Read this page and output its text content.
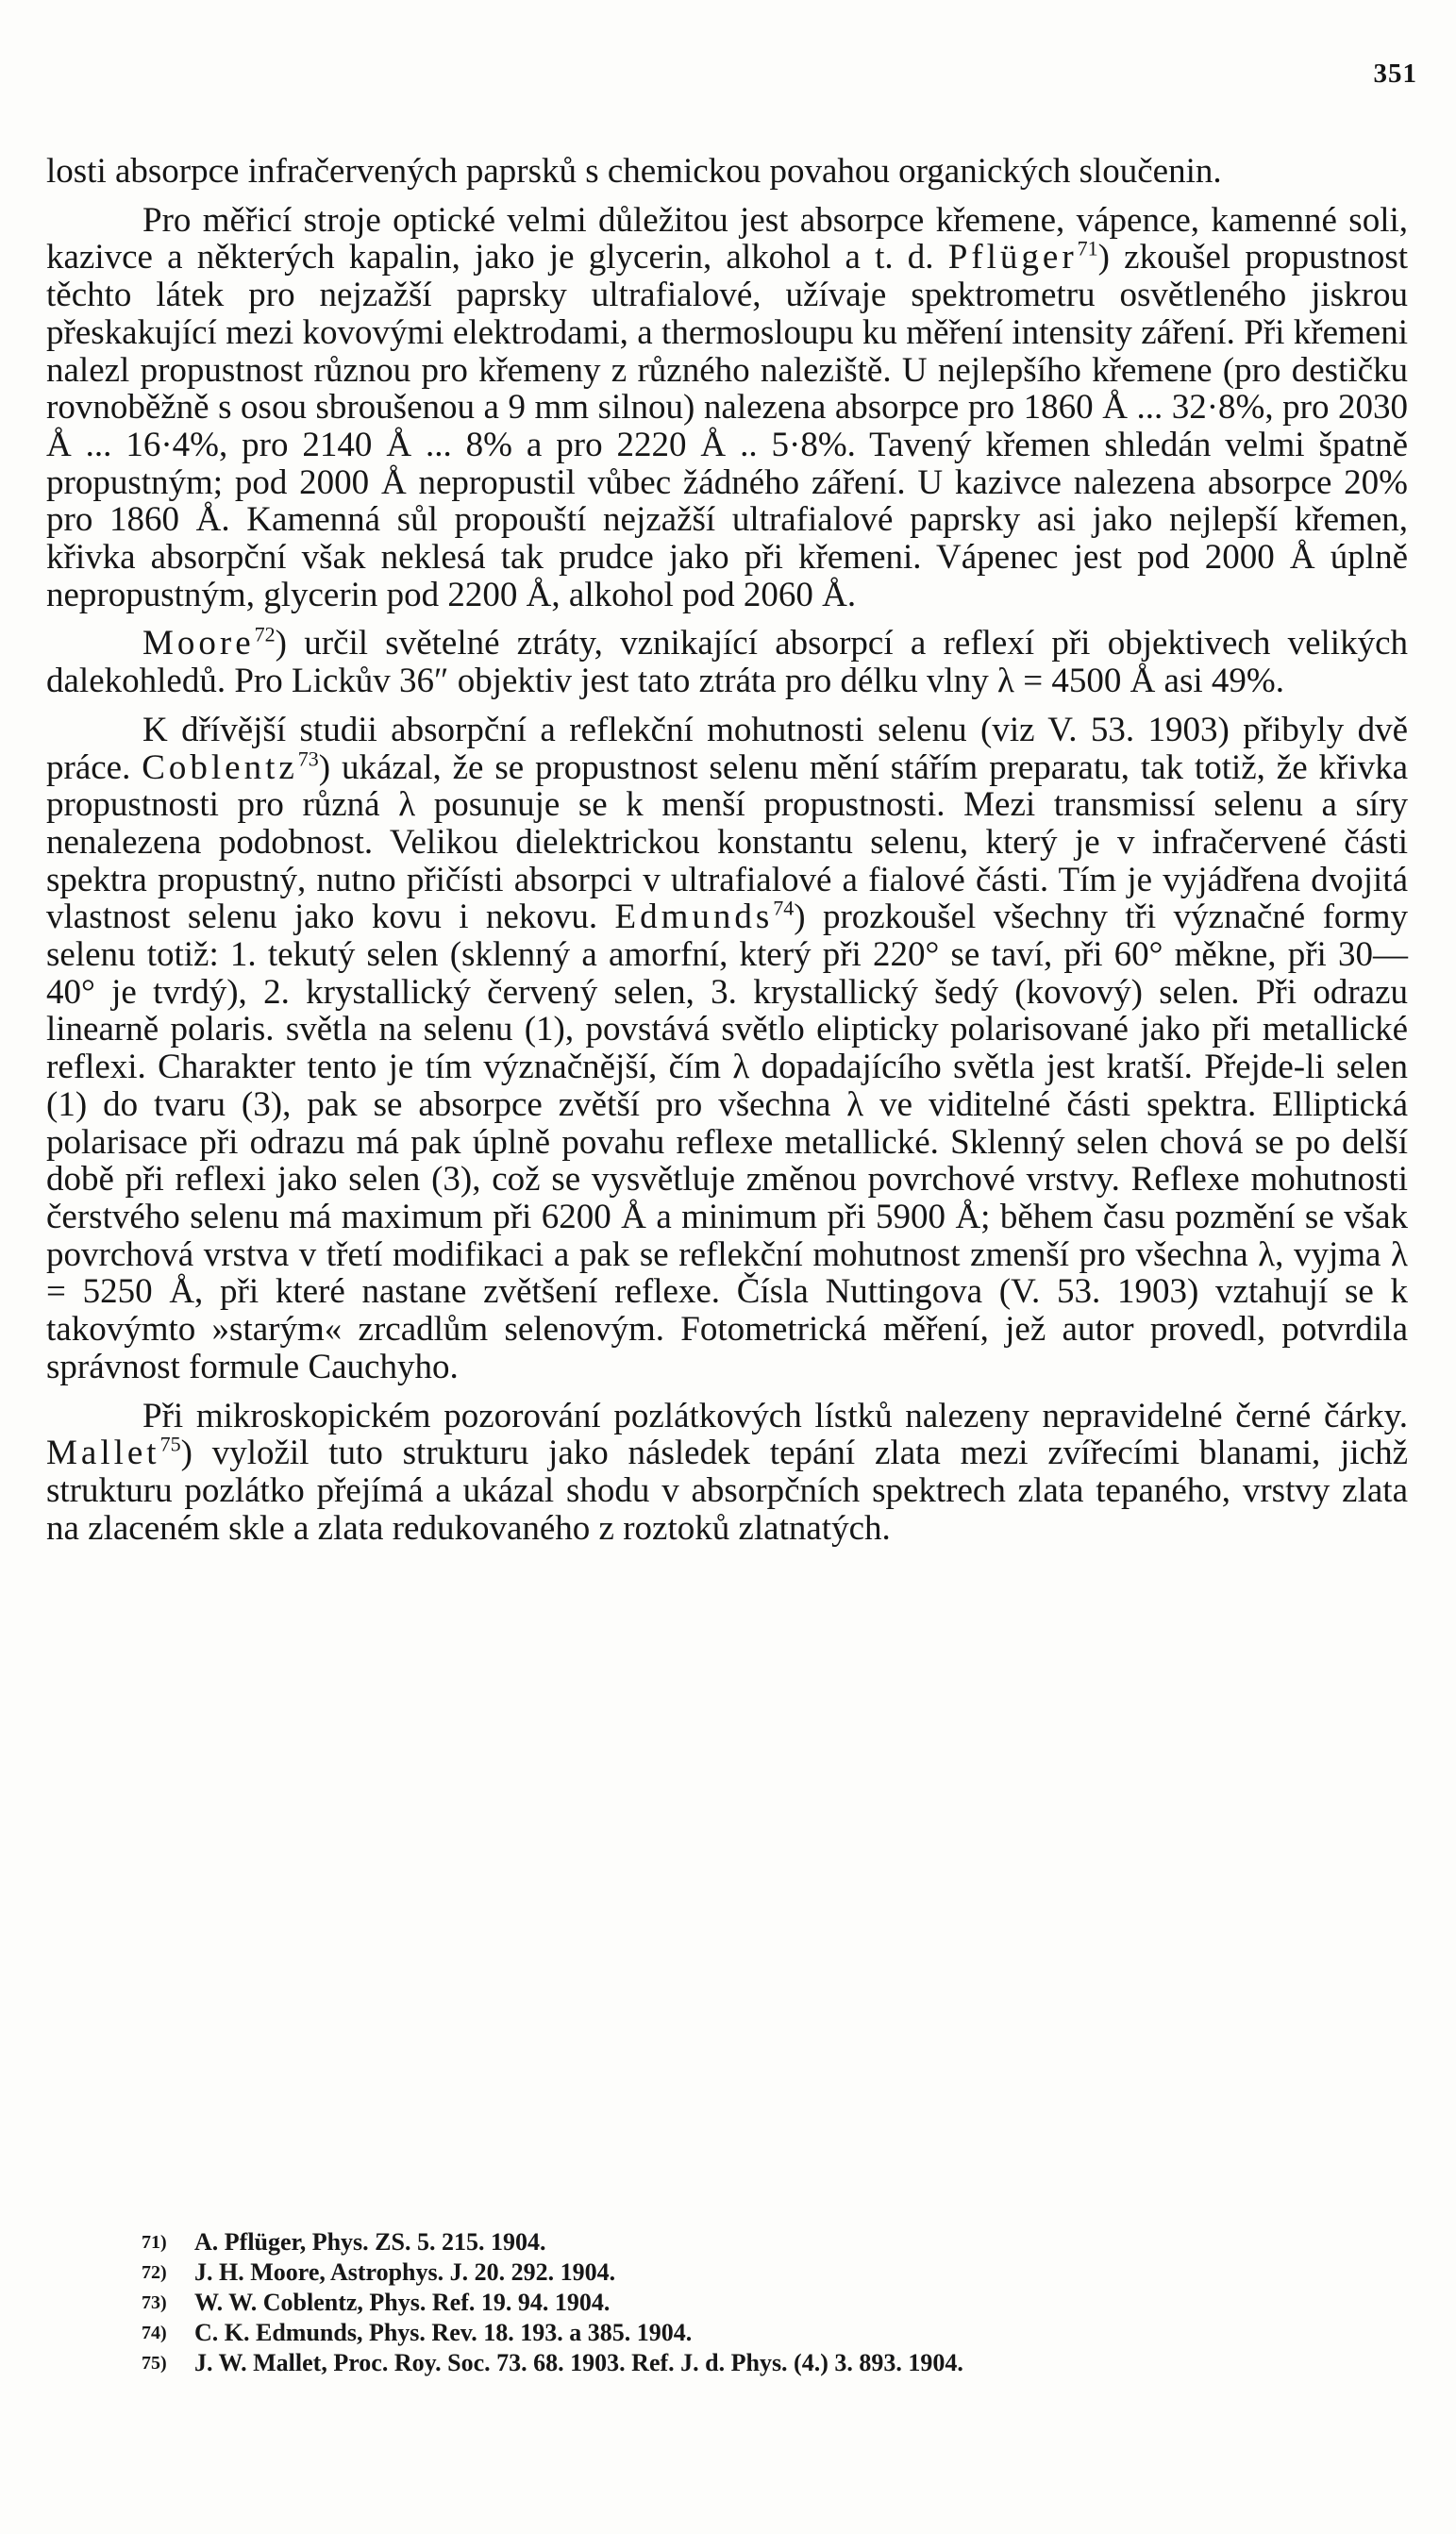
351

losti absorpce infračervených paprsků s chemickou povahou organických sloučenin.

Pro měřicí stroje optické velmi důležitou jest absorpce křemene, vápence, kamenné soli, kazivce a některých kapalin, jako je glycerin, alkohol a t. d. Pflüger$^{71}$) zkoušel propustnost těchto látek pro nejzažší paprsky ultrafialové, užívaje spektrometru osvětleného jiskrou přeskakující mezi kovovými elektrodami, a thermosloupu ku měření intensity záření. Při křemeni nalezl propustnost různou pro křemeny z různého naleziště. U nejlepšího křemene (pro destičku rovnoběžně s osou sbroušenou a 9 mm silnou) nalezena absorpce pro 1860 Å ... 32·8%, pro 2030 Å ... 16·4%, pro 2140 Å ... 8% a pro 2220 Å .. 5·8%. Tavený křemen shledán velmi špatně propustným; pod 2000 Å nepropustil vůbec žádného záření. U kazivce nalezena absorpce 20% pro 1860 Å. Kamenná sůl propouští nejzažší ultrafialové paprsky asi jako nejlepší křemen, křivka absorpční však neklesá tak prudce jako při křemeni. Vápenec jest pod 2000 Å úplně nepropustným, glycerin pod 2200 Å, alkohol pod 2060 Å.

Moore$^{72}$) určil světelné ztráty, vznikající absorpcí a reflexí při objektivech velikých dalekohledů. Pro Lickův 36″ objektiv jest tato ztráta pro délku vlny λ = 4500 Å asi 49%.

K dřívější studii absorpční a reflekční mohutnosti selenu (viz V. 53. 1903) přibyly dvě práce. Coblentz$^{73}$) ukázal, že se propustnost selenu mění stářím preparatu, tak totiž, že křivka propustnosti pro různá λ posunuje se k menší propustnosti. Mezi transmissí selenu a síry nenalezena podobnost. Velikou dielektrickou konstantu selenu, který je v infračervené části spektra propustný, nutno přičísti absorpci v ultrafialové a fialové části. Tím je vyjádřena dvojitá vlastnost selenu jako kovu i nekovu. Edmunds$^{74}$) prozkoušel všechny tři význačné formy selenu totiž: 1. tekutý selen (sklenný a amorfní, který při 220° se taví, při 60° měkne, při 30—40° je tvrdý), 2. krystallický červený selen, 3. krystallický šedý (kovový) selen. Při odrazu linearně polaris. světla na selenu (1), povstává světlo elipticky polarisované jako při metallické reflexi. Charakter tento je tím význačnější, čím λ dopadajícího světla jest kratší. Přejde-li selen (1) do tvaru (3), pak se absorpce zvětší pro všechna λ ve viditelné části spektra. Elliptická polarisace při odrazu má pak úplně povahu reflexe metallické. Sklenný selen chová se po delší době při reflexi jako selen (3), což se vysvětluje změnou povrchové vrstvy. Reflexe mohutnosti čerstvého selenu má maximum při 6200 Å a minimum při 5900 Å; během času pozmění se však povrchová vrstva v třetí modifikaci a pak se reflekční mohutnost zmenší pro všechna λ, vyjma λ = 5250 Å, při které nastane zvětšení reflexe. Čísla Nuttingova (V. 53. 1903) vztahují se k takovýmto »starým« zrcadlům selenovým. Fotometrická měření, jež autor provedl, potvrdila správnost formule Cauchyho.

Při mikroskopickém pozorování pozlátkových lístků nalezeny nepravidelné černé čárky. Mallet$^{75}$) vyložil tuto strukturu jako následek tepání zlata mezi zvířecími blanami, jichž strukturu pozlátko přejímá a ukázal shodu v absorpčních spektrech zlata tepaného, vrstvy zlata na zlaceném skle a zlata redukovaného z roztoků zlatnatých.

71)	A. Pflüger, Phys. ZS. 5. 215. 1904.
72)	J. H. Moore, Astrophys. J. 20. 292. 1904.
73)	W. W. Coblentz, Phys. Ref. 19. 94. 1904.
74)	C. K. Edmunds, Phys. Rev. 18. 193. a 385. 1904.
75)	J. W. Mallet, Proc. Roy. Soc. 73. 68. 1903. Ref. J. d. Phys. (4.) 3. 893. 1904.
